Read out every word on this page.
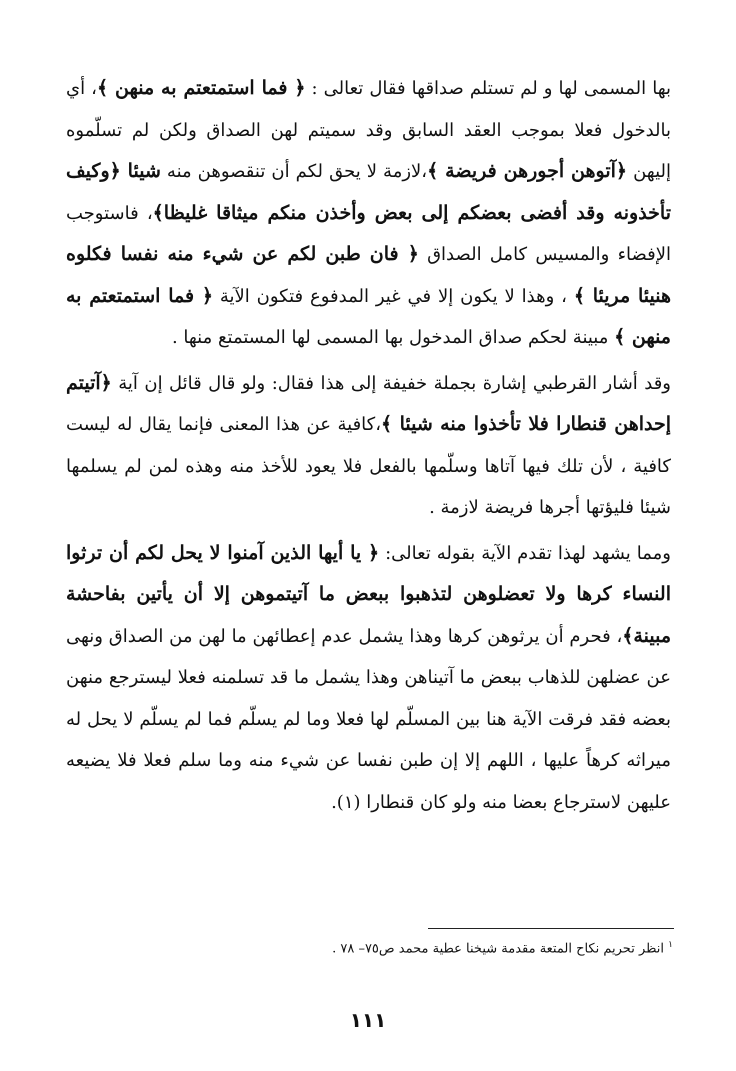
بها المسمى لها و لم تستلم صداقها فقال تعالى : ﴿ فما استمتعتم به منهن ﴾، أي بالدخول فعلا بموجب العقد السابق وقد سميتم لهن الصداق ولكن لم تسلّموه إليهن ﴿آتوهن أجورهن فريضة ﴾،لازمة لا يحق لكم أن تنقصوهن منه شيئا ﴿وكيف تأخذونه وقد أفضى بعضكم إلى بعض وأخذن منكم ميثاقا غليظا﴾، فاستوجب الإفضاء والمسيس كامل الصداق ﴿ فان طبن لكم عن شيء منه نفسا فكلوه هنيئا مريئا ﴾ ، وهذا لا يكون إلا في غير المدفوع فتكون الآية ﴿ فما استمتعتم به منهن ﴾ مبينة لحكم صداق المدخول بها المسمى لها المستمتع منها .

وقد أشار القرطبي إشارة بجملة خفيفة إلى هذا فقال: ولو قال قائل إن آية ﴿آتيتم إحداهن قنطارا فلا تأخذوا منه شيئا ﴾،كافية عن هذا المعنى فإنما يقال له ليست كافية ، لأن تلك فيها آتاها وسلّمها بالفعل فلا يعود للأخذ منه وهذه لمن لم يسلمها شيئا فليؤتها أجرها فريضة لازمة .

ومما يشهد لهذا تقدم الآية بقوله تعالى: ﴿ يا أيها الذين آمنوا لا يحل لكم أن ترثوا النساء كرها ولا تعضلوهن لتذهبوا ببعض ما آتيتموهن إلا أن يأتين بفاحشة مبينة﴾، فحرم أن يرثوهن كرها وهذا يشمل عدم إعطائهن ما لهن من الصداق ونهى عن عضلهن للذهاب ببعض ما آتيناهن وهذا يشمل ما قد تسلمنه فعلا ليسترجع منهن بعضه فقد فرقت الآية هنا بين المسلّم لها فعلا وما لم يسلّم فما لم يسلّم لا يحل له ميراثه كرهاً عليها ، اللهم إلا إن طبن نفسا عن شيء منه وما سلم فعلا فلا يضيعه عليهن لاسترجاع بعضا منه ولو كان قنطارا (١).

$^١$ انظر تحريم نكاح المتعة مقدمة شيخنا عطية محمد ص٧٥– ٧٨ .
١١١
